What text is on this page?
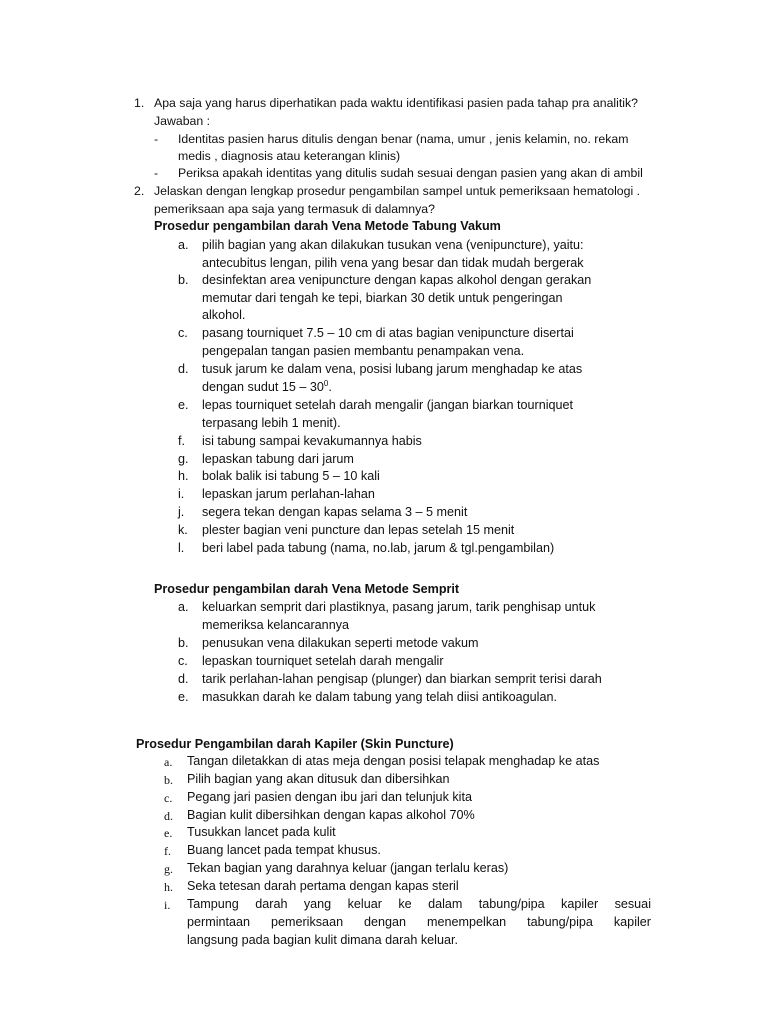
1. Apa saja yang harus diperhatikan pada waktu identifikasi pasien pada tahap pra analitik?
Jawaban :
- Identitas pasien harus ditulis dengan benar (nama, umur , jenis kelamin, no. rekam
medis , diagnosis atau keterangan klinis)
- Periksa apakah identitas yang ditulis sudah sesuai dengan pasien yang akan di ambil
2. Jelaskan dengan lengkap prosedur pengambilan sampel untuk pemeriksaan hematologi .
pemeriksaan apa saja yang termasuk di dalamnya?
Prosedur pengambilan darah Vena Metode Tabung Vakum
a. pilih bagian yang akan dilakukan tusukan vena (venipuncture), yaitu:
antecubitus lengan, pilih vena yang besar dan tidak mudah bergerak
b. desinfektan area venipuncture dengan kapas alkohol dengan gerakan
memutar dari tengah ke tepi, biarkan 30 detik untuk pengeringan
alkohol.
c. pasang tourniquet 7.5 – 10 cm di atas bagian venipuncture disertai
pengepalan tangan pasien membantu penampakan vena.
d. tusuk jarum ke dalam vena, posisi lubang jarum menghadap ke atas
dengan sudut $15 - 30^0$.
e. lepas tourniquet setelah darah mengalir (jangan biarkan tourniquet
terpasang lebih 1 menit).
f. isi tabung sampai kevakumannya habis
g. lepaskan tabung dari jarum
h. bolak balik isi tabung 5 – 10 kali
i. lepaskan jarum perlahan-lahan
j. segera tekan dengan kapas selama 3 – 5 menit
k. plester bagian veni puncture dan lepas setelah 15 menit
l. beri label pada tabung (nama, no.lab, jarum & tgl.pengambilan)
Prosedur pengambilan darah Vena Metode Semprit
a. keluarkan semprit dari plastiknya, pasang jarum, tarik penghisap untuk
memeriksa kelancarannya
b. penusukan vena dilakukan seperti metode vakum
c. lepaskan tourniquet setelah darah mengalir
d. tarik perlahan-lahan pengisap (plunger) dan biarkan semprit terisi darah
e. masukkan darah ke dalam tabung yang telah diisi antikoagulan.
Prosedur Pengambilan darah Kapiler (Skin Puncture)
a. Tangan diletakkan di atas meja dengan posisi telapak menghadap ke atas
b. Pilih bagian yang akan ditusuk dan dibersihkan
c. Pegang jari pasien dengan ibu jari dan telunjuk kita
d. Bagian kulit dibersihkan dengan kapas alkohol 70%
e. Tusukkan lancet pada kulit
f. Buang lancet pada tempat khusus.
g. Tekan bagian yang darahnya keluar (jangan terlalu keras)
h. Seka tetesan darah pertama dengan kapas steril
i. Tampung darah yang keluar ke dalam tabung/pipa kapiler sesuai
permintaan pemeriksaan dengan menempelkan tabung/pipa kapiler
langsung pada bagian kulit dimana darah keluar.
